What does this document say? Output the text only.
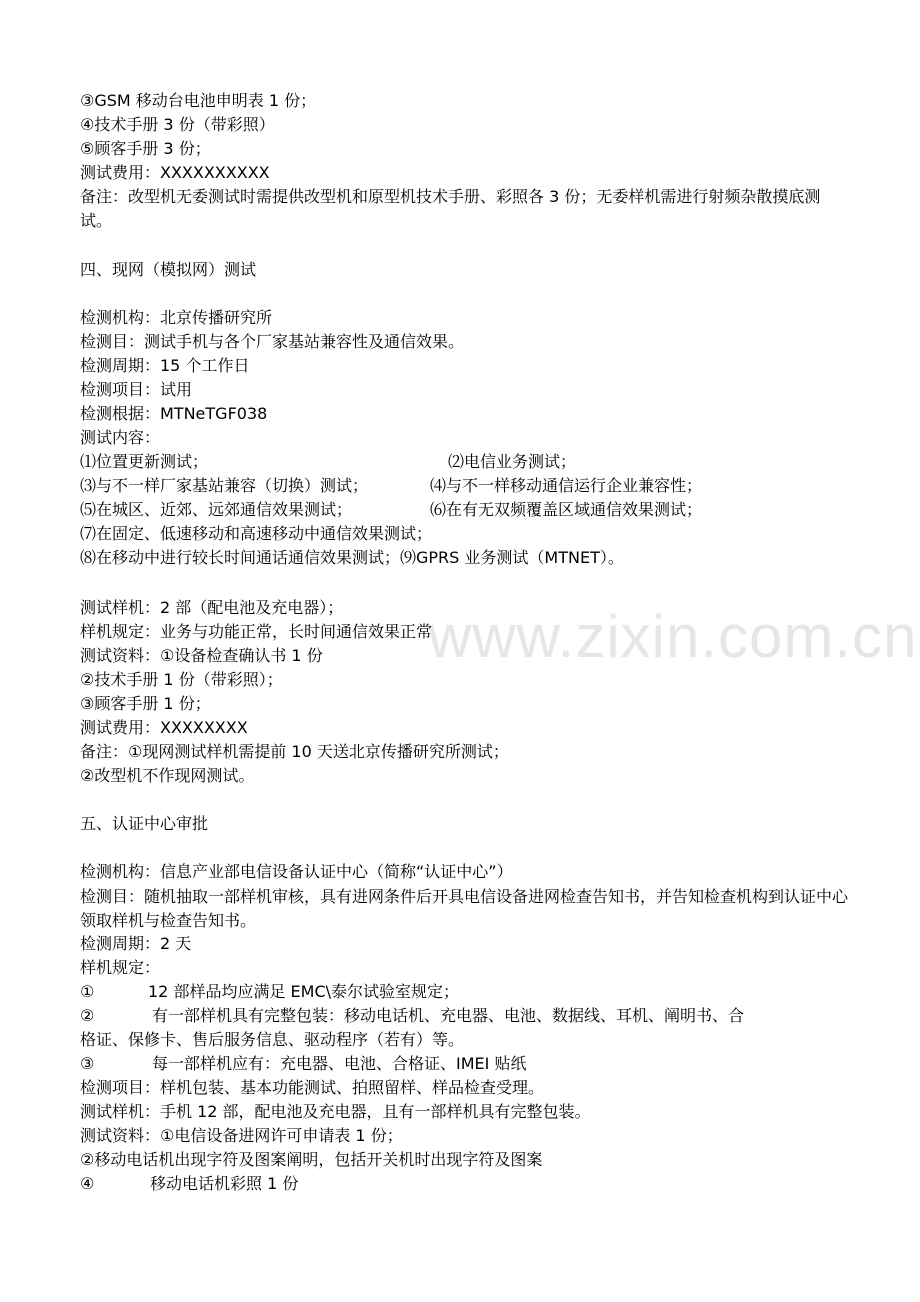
www.zixin.com.cn
③GSM 移动台电池申明表 1 份；
④技术手册 3 份（带彩照）
⑤顾客手册 3 份；
测试费用：XXXXXXXXXX
备注：改型机无委测试时需提供改型机和原型机技术手册、彩照各 3 份；无委样机需进行射频杂散摸底测试。
四、现网（模拟网）测试
检测机构：北京传播研究所
检测目：测试手机与各个厂家基站兼容性及通信效果。
检测周期：15 个工作日
检测项目：试用
检测根据：MTNeTGF038
测试内容：
⑴位置更新测试；	⑵电信业务测试；
⑶与不一样厂家基站兼容（切换）测试；	⑷与不一样移动通信运行企业兼容性；
⑸在城区、近郊、远郊通信效果测试；	⑹在有无双频覆盖区域通信效果测试；
⑺在固定、低速移动和高速移动中通信效果测试；
⑻在移动中进行较长时间通话通信效果测试；⑼GPRS 业务测试（MTNET）。
测试样机：2 部（配电池及充电器）；
样机规定：业务与功能正常，长时间通信效果正常
测试资料：①设备检查确认书 1 份
②技术手册 1 份（带彩照）；
③顾客手册 1 份；
测试费用：XXXXXXXX
备注：①现网测试样机需提前 10 天送北京传播研究所测试；
②改型机不作现网测试。
五、认证中心审批
检测机构：信息产业部电信设备认证中心（简称“认证中心”）
检测目：随机抽取一部样机审核，具有进网条件后开具电信设备进网检查告知书，并告知检查机构到认证中心领取样机与检查告知书。
检测周期：2 天
样机规定：
①	12 部样品均应满足 EMC\泰尔试验室规定；
②	有一部样机具有完整包装：移动电话机、充电器、电池、数据线、耳机、阐明书、合
格证、保修卡、售后服务信息、驱动程序（若有）等。
③	每一部样机应有：充电器、电池、合格证、IMEI 贴纸
检测项目：样机包装、基本功能测试、拍照留样、样品检查受理。
测试样机：手机 12 部，配电池及充电器，且有一部样机具有完整包装。
测试资料：①电信设备进网许可申请表 1 份；
②移动电话机出现字符及图案阐明，包括开关机时出现字符及图案
④	移动电话机彩照 1 份
